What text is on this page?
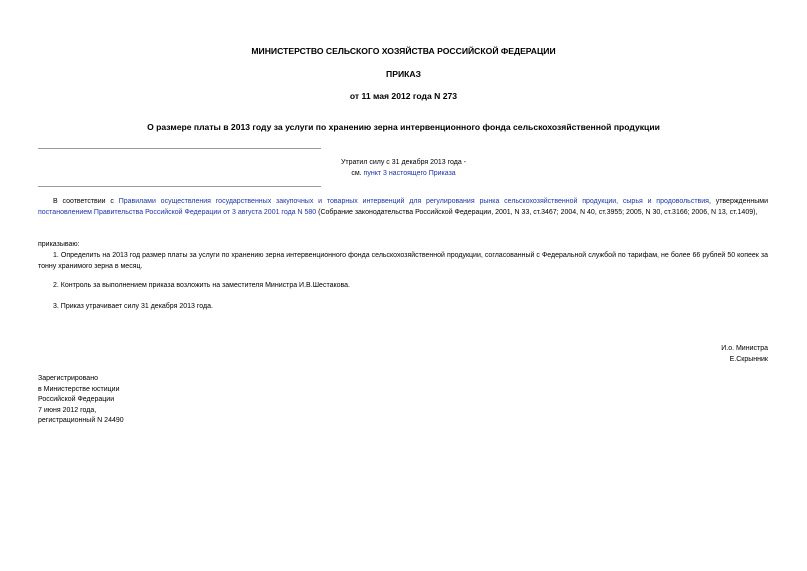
МИНИСТЕРСТВО СЕЛЬСКОГО ХОЗЯЙСТВА РОССИЙСКОЙ ФЕДЕРАЦИИ
ПРИКАЗ
от 11 мая 2012 года N 273
О размере платы в 2013 году за услуги по хранению зерна интервенционного фонда сельскохозяйственной продукции
Утратил силу с 31 декабря 2013 года -
см. пункт 3 настоящего Приказа
В соответствии с Правилами осуществления государственных закупочных и товарных интервенций для регулирования рынка сельскохозяйственной продукции, сырья и продовольствия, утвержденными постановлением Правительства Российской Федерации от 3 августа 2001 года N 580 (Собрание законодательства Российской Федерации, 2001, N 33, ст.3467; 2004, N 40, ст.3955; 2005, N 30, ст.3166; 2006, N 13, ст.1409),
приказываю:
1. Определить на 2013 год размер платы за услуги по хранению зерна интервенционного фонда сельскохозяйственной продукции, согласованный с Федеральной службой по тарифам, не более 66 рублей 50 копеек за тонну хранимого зерна в месяц.
2. Контроль за выполнением приказа возложить на заместителя Министра И.В.Шестакова.
3. Приказ утрачивает силу 31 декабря 2013 года.
И.о. Министра
Е.Скрынник
Зарегистрировано
в Министерстве юстиции
Российской Федерации
7 июня 2012 года,
регистрационный N 24490
